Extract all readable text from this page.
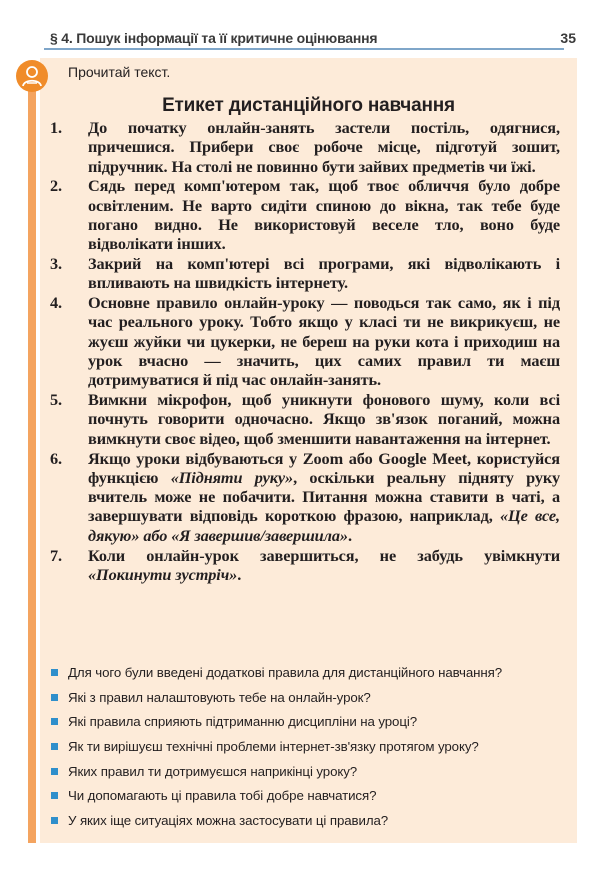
§ 4. Пошук інформації та її критичне оцінювання	35
Прочитай текст.
Етикет дистанційного навчання
1. До початку онлайн-занять застели постіль, одягнися, причешися. Прибери своє робоче місце, підготуй зошит, підручник. На столі не повинно бути зайвих предметів чи їжі.
2. Сядь перед комп'ютером так, щоб твоє обличчя було добре освітленим. Не варто сидіти спиною до вікна, так тебе буде погано видно. Не використовуй веселе тло, воно буде відволікати інших.
3. Закрий на комп'ютері всі програми, які відволікають і впливають на швидкість інтернету.
4. Основне правило онлайн-уроку — поводься так само, як і під час реального уроку. Тобто якщо у класі ти не викрикуєш, не жуєш жуйки чи цукерки, не береш на руки кота і приходиш на урок вчасно — значить, цих самих правил ти маєш дотримуватися й під час онлайн-занять.
5. Вимкни мікрофон, щоб уникнути фонового шуму, коли всі почнуть говорити одночасно. Якщо зв'язок поганий, можна вимкнути своє відео, щоб зменшити навантаження на інтернет.
6. Якщо уроки відбуваються у Zoom або Google Meet, користуйся функцією «Підняти руку», оскільки реальну підняту руку вчитель може не побачити. Питання можна ставити в чаті, а завершувати відповідь короткою фразою, наприклад, «Це все, дякую» або «Я завершив/завершила».
7. Коли онлайн-урок завершиться, не забудь увімкнути «Покинути зустріч».
Для чого були введені додаткові правила для дистанційного навчання?
Які з правил налаштовують тебе на онлайн-урок?
Які правила сприяють підтриманню дисципліни на уроці?
Як ти вирішуєш технічні проблеми інтернет-зв'язку протягом уроку?
Яких правил ти дотримуєшся наприкінці уроку?
Чи допомагають ці правила тобі добре навчатися?
У яких іще ситуаціях можна застосувати ці правила?
